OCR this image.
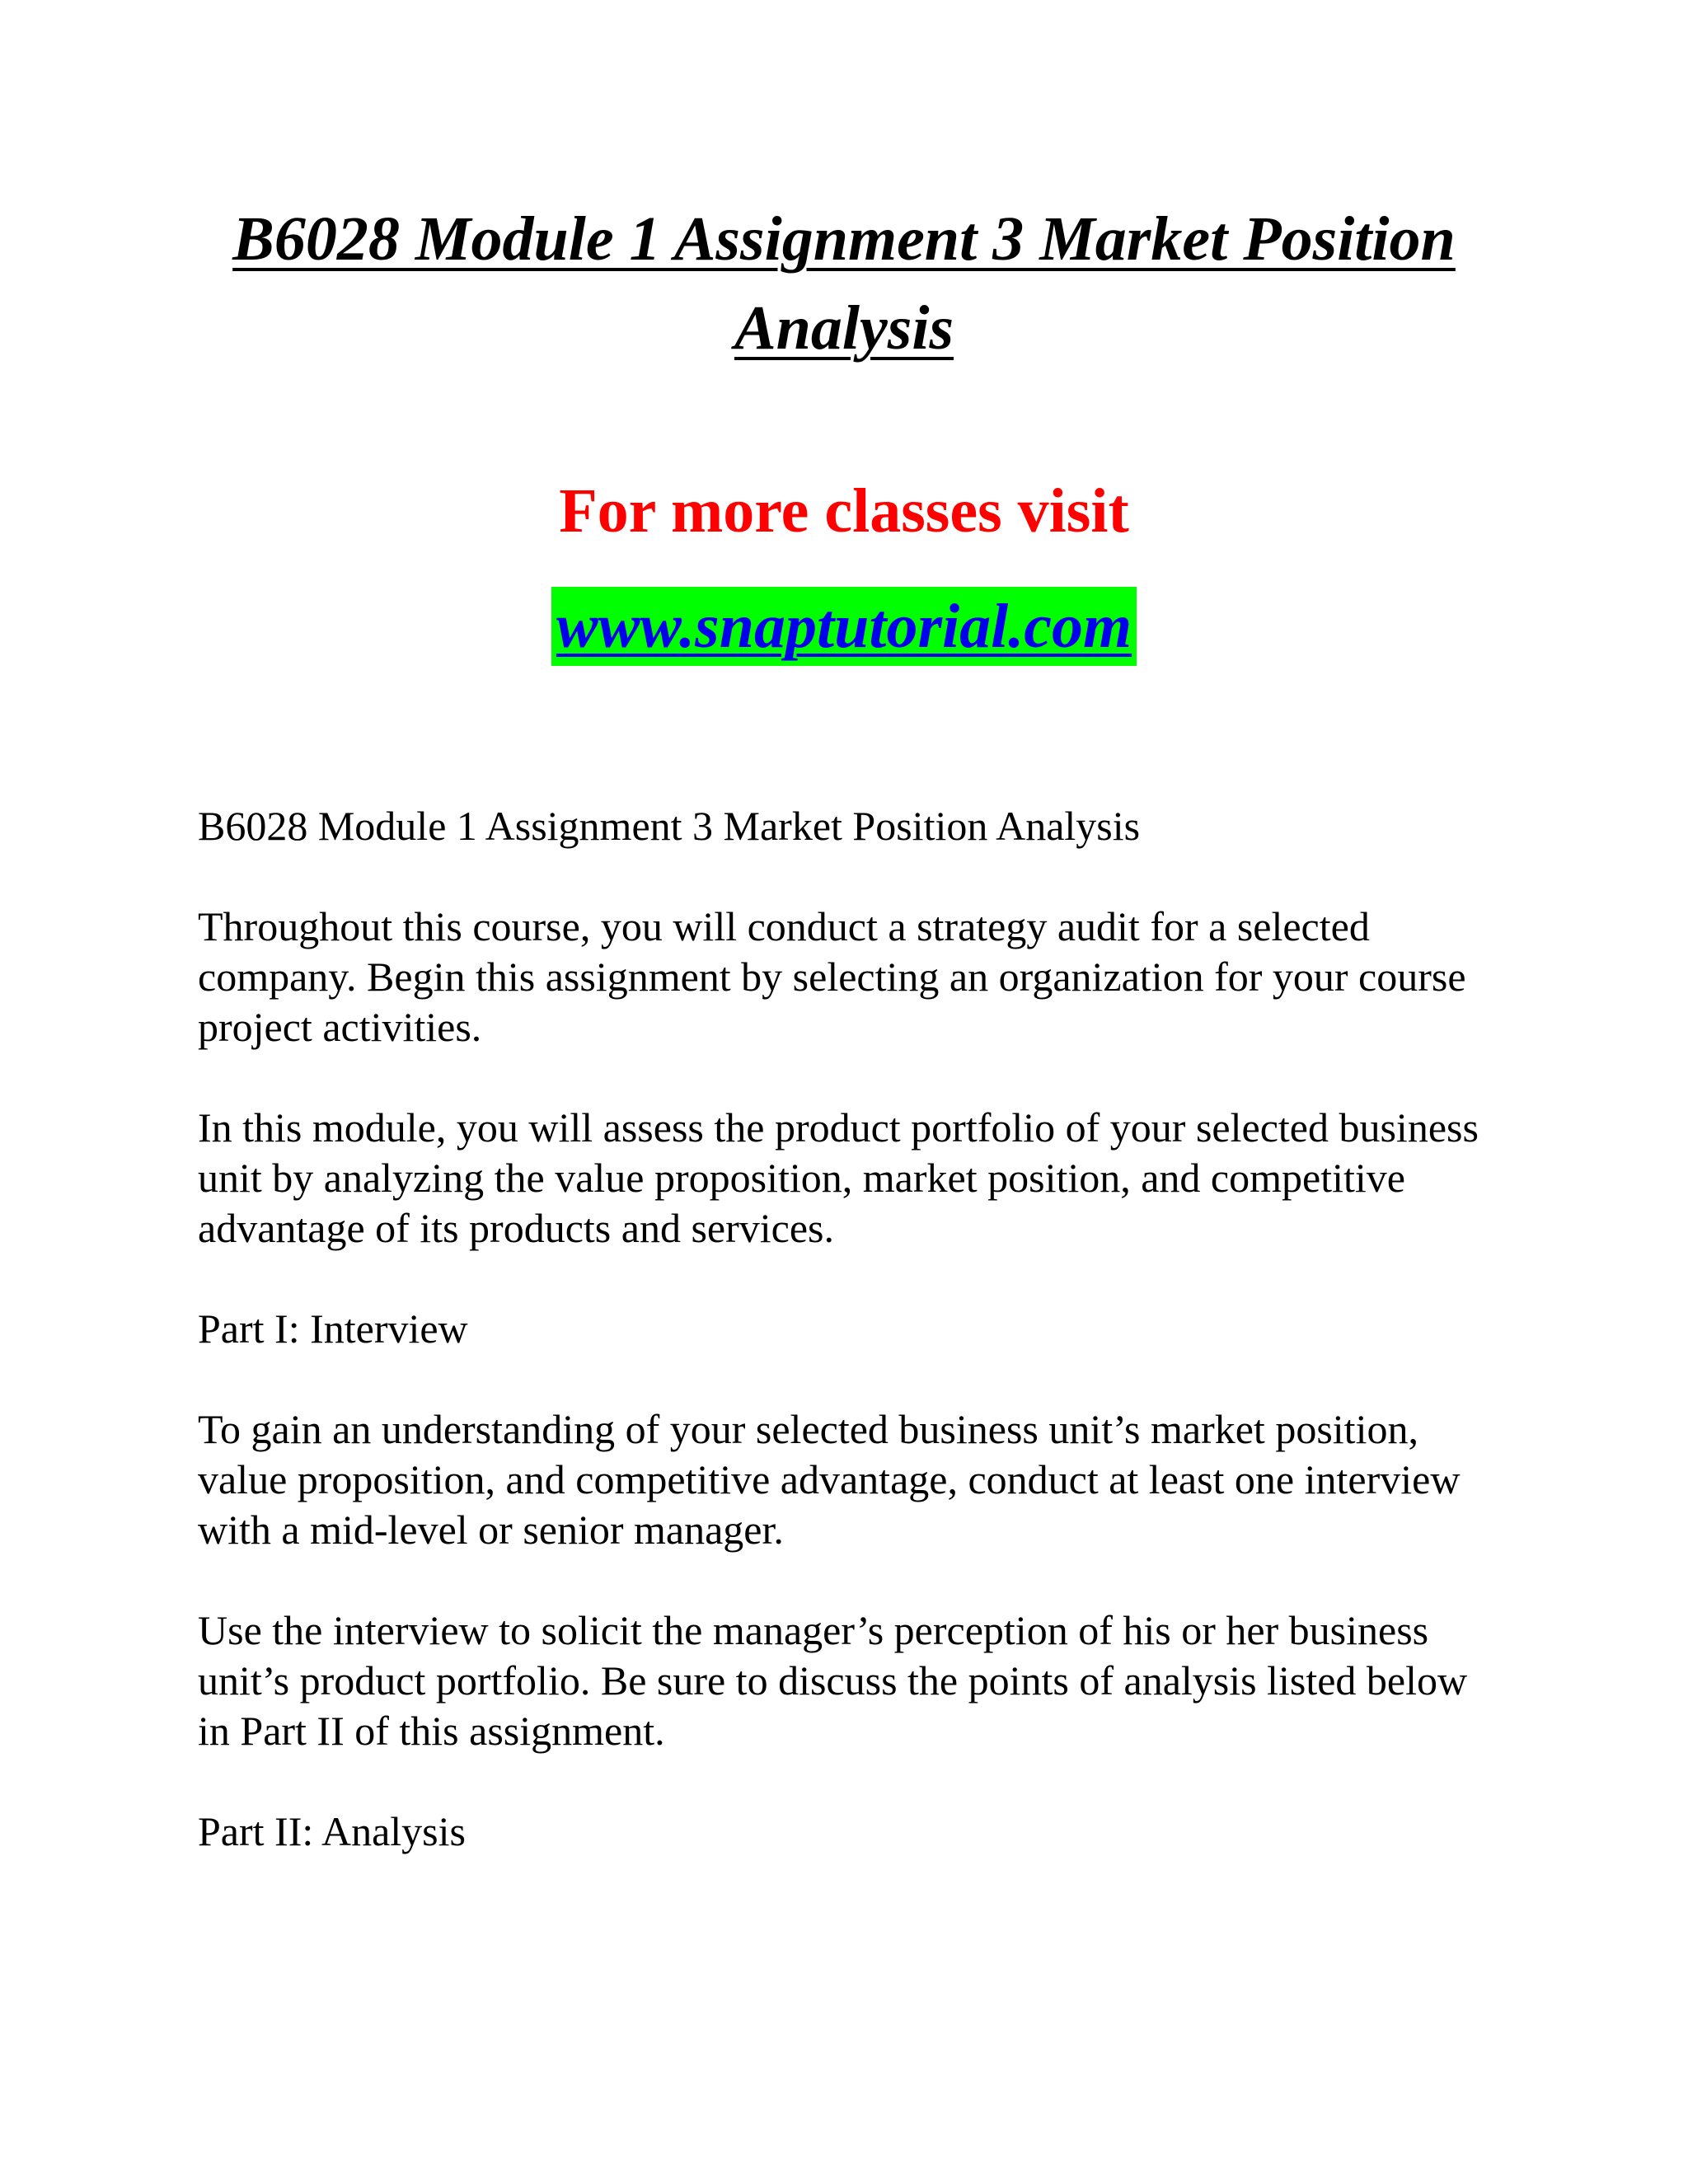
B6028 Module 1 Assignment 3 Market Position Analysis

For more classes visit

www.snaptutorial.com

B6028 Module 1 Assignment 3 Market Position Analysis

Throughout this course, you will conduct a strategy audit for a selected company. Begin this assignment by selecting an organization for your course project activities.

In this module, you will assess the product portfolio of your selected business unit by analyzing the value proposition, market position, and competitive advantage of its products and services.

Part I: Interview

To gain an understanding of your selected business unit’s market position, value proposition, and competitive advantage, conduct at least one interview with a mid-level or senior manager.

Use the interview to solicit the manager’s perception of his or her business unit’s product portfolio. Be sure to discuss the points of analysis listed below in Part II of this assignment.

Part II: Analysis
